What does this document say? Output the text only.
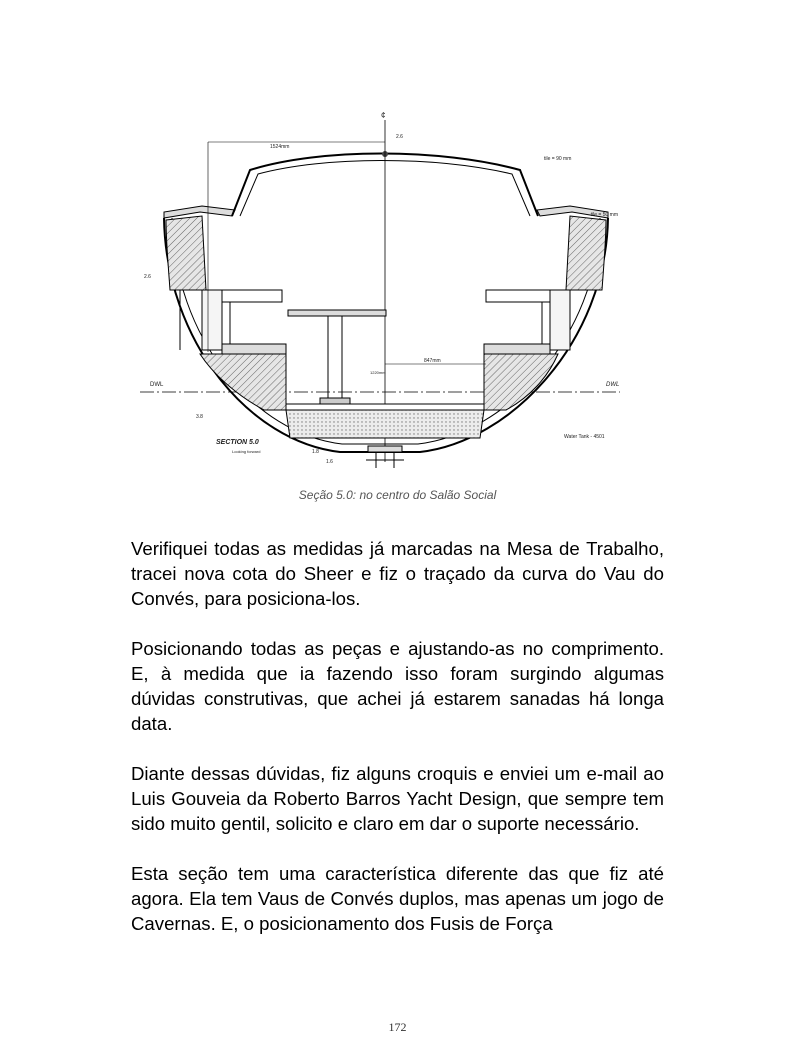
¢
2.6
1524mm
tile = 90 mm
tile = 50 mm
2.6
847mm
1220mm
DWL	DWL
3.8
SECTION 5.0
Looking forward	1.8
1.6
Water Tank - 4501
Seção 5.0: no centro do Salão Social

Verifiquei todas as medidas já marcadas na Mesa de Trabalho, tracei nova cota do Sheer e fiz o traçado da curva do Vau do Convés, para posiciona-los.

Posicionando todas as peças e ajustando-as no comprimento. E, à medida que ia fazendo isso foram surgindo algumas dúvidas construtivas, que achei já estarem sanadas há longa data.

Diante dessas dúvidas, fiz alguns croquis e enviei um e-mail ao Luis Gouveia da Roberto Barros Yacht Design, que sempre tem sido muito gentil, solicito e claro em dar o suporte necessário.

Esta seção tem uma característica diferente das que fiz até agora. Ela tem Vaus de Convés duplos, mas apenas um jogo de Cavernas. E, o posicionamento dos Fusis de Força

172
